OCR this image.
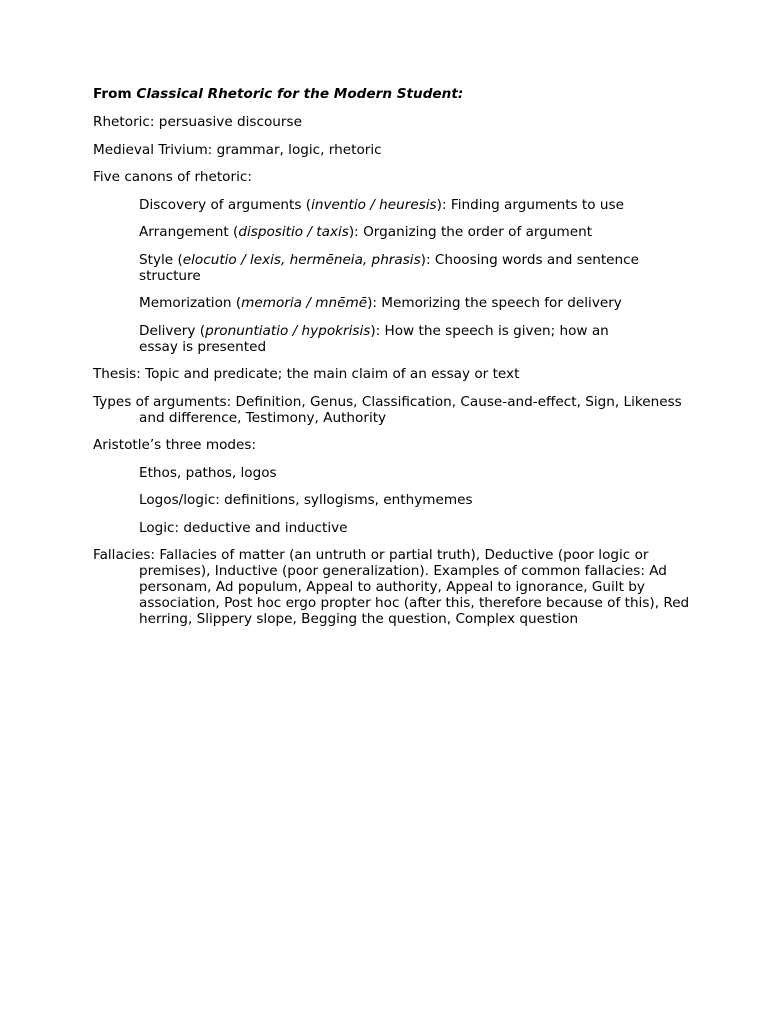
From Classical Rhetoric for the Modern Student:

Rhetoric: persuasive discourse

Medieval Trivium: grammar, logic, rhetoric

Five canons of rhetoric:

Discovery of arguments (inventio / heuresis): Finding arguments to use

Arrangement (dispositio / taxis): Organizing the order of argument

Style (elocutio / lexis, hermēneia, phrasis): Choosing words and sentence structure

Memorization (memoria / mnēmē): Memorizing the speech for delivery

Delivery (pronuntiatio / hypokrisis): How the speech is given; how an essay is presented

Thesis: Topic and predicate; the main claim of an essay or text

Types of arguments: Definition, Genus, Classification, Cause-and-effect, Sign, Likeness and difference, Testimony, Authority

Aristotle’s three modes:

Ethos, pathos, logos

Logos/logic: definitions, syllogisms, enthymemes

Logic: deductive and inductive

Fallacies: Fallacies of matter (an untruth or partial truth), Deductive (poor logic or premises), Inductive (poor generalization). Examples of common fallacies: Ad personam, Ad populum, Appeal to authority, Appeal to ignorance, Guilt by association, Post hoc ergo propter hoc (after this, therefore because of this), Red herring, Slippery slope, Begging the question, Complex question
